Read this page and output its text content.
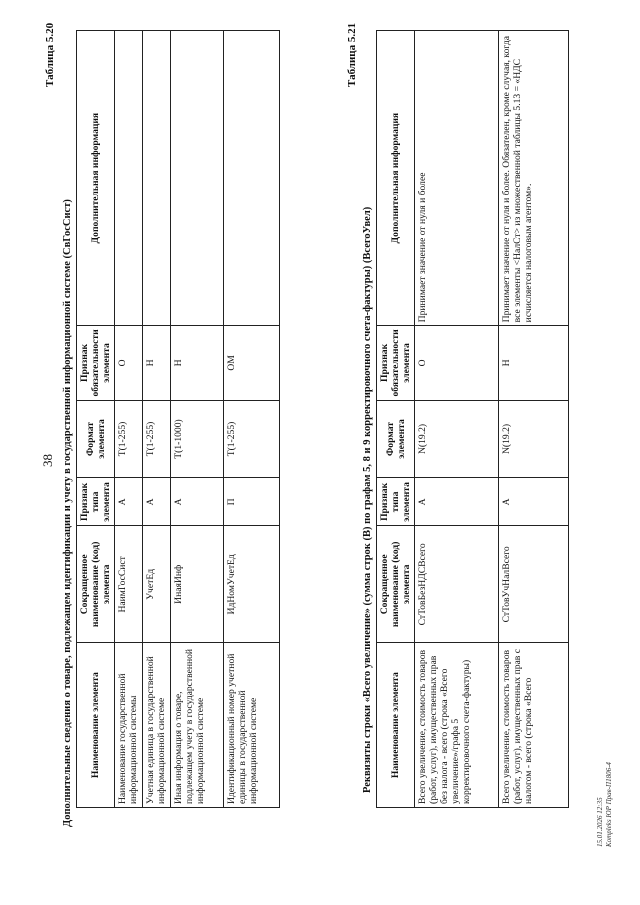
38
Таблица 5.20
Дополнительные сведения о товаре, подлежащем идентификации и учету в государственной информационной системе (СвГосСист) Наименование элемента	Сокращенное наименование (код) элемента	Признак типа элемента	Формат элемента	Признак обязательности элемента	Дополнительная информация
Наименование государственной информационной системы	НаимГосСист	А	T(1-255)	О	
Учетная единица в государственной информационной системе	УчетЕд	А	T(1-255)	Н	
Иная информация о товаре, подлежащем учету в государственной информационной системе	ИнаяИнф	А	T(1-1000)	Н	
Идентификационный номер учетной единицы в государственной информационной системе	ИдНомУчетЕд	П	T(1-255)	ОМ	
Таблица 5.21
Реквизиты строки «Всего увеличение» (сумма строк (В) по графам 5, 8 и 9 корректировочного счета-фактуры) (ВсегоУвел) Наименование элемента	Сокращенное наименование (код) элемента	Признак типа элемента	Формат элемента	Признак обязательности элемента	Дополнительная информация
Всего увеличение, стоимость товаров (работ, услуг), имущественных прав без налога - всего (строка «Всего увеличение»/графа 5 корректировочного счета-фактуры)	СтТовБезНДСВсего	А	N(19.2)	О	Принимает значение от нуля и более
Всего увеличение, стоимость товаров (работ, услуг), имущественных прав с налогом - всего (строка «Всего	СтТовУчНалВсего	А	N(19.2)	Н	Принимает значение от нуля и более. Обязателен, кроме случая, когда все элементы <НалСт> из множественной таблицы 5.13 = «НДС исчисляется налоговым агентом».
15.01.2026 12:35 Kompleks ЮР Прав-П1806-4
